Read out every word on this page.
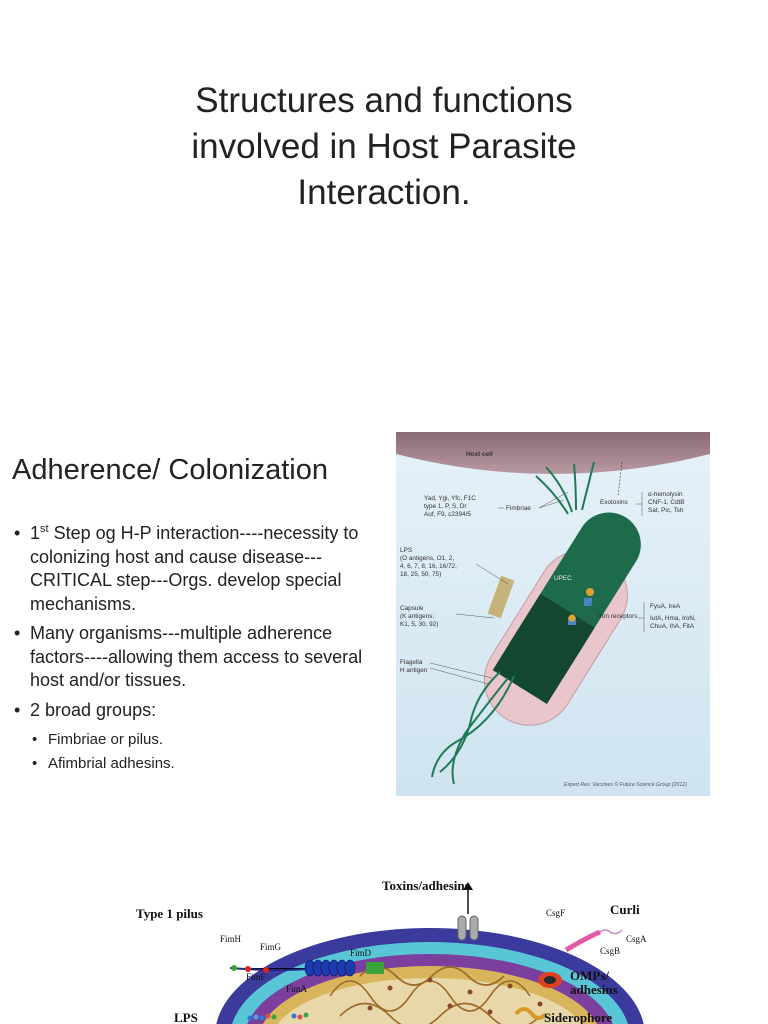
Structures and functions
involved in Host Parasite
Interaction.
Adherence/ Colonization
• 1st Step og H-P interaction----necessity to colonizing host and cause disease---CRITICAL step---Orgs. develop special mechanisms.
• Many organisms---multiple adherence factors----allowing them access to several host and/or tissues.
• 2 broad groups:
• Fimbriae or pilus.
• Afimbrial adhesins.
Host cell
UPEC
Yad, Ygi, Yfc, F1C
type 1, P, S, Dr
Auf, F9, c2394/5
Fimbriae
LPS
(O antigens, O1, 2,
4, 6, 7, 8, 16, 16/72,
18, 25, 50, 75)
Capsule
(K antigens:
K1, 5, 30, 92)
Flagella
H antigen
Exotoxins
α-hemolysin
CNF-1, CdtB
Sat, Pic, Tsh
Iron receptors
FyuA, IreA
IutA, Hma, IroN,
ChuA, IhA, FitA
Expert Rev. Vaccines © Future Science Group (2012)
Toxins/adhesins
Type 1 pilus
FimH
FimG
FimD
FimF
FimA
Curli
CsgF
CsgG
CsgA
CsgB
OMPs/
adhesins
Siderophore
LPS
